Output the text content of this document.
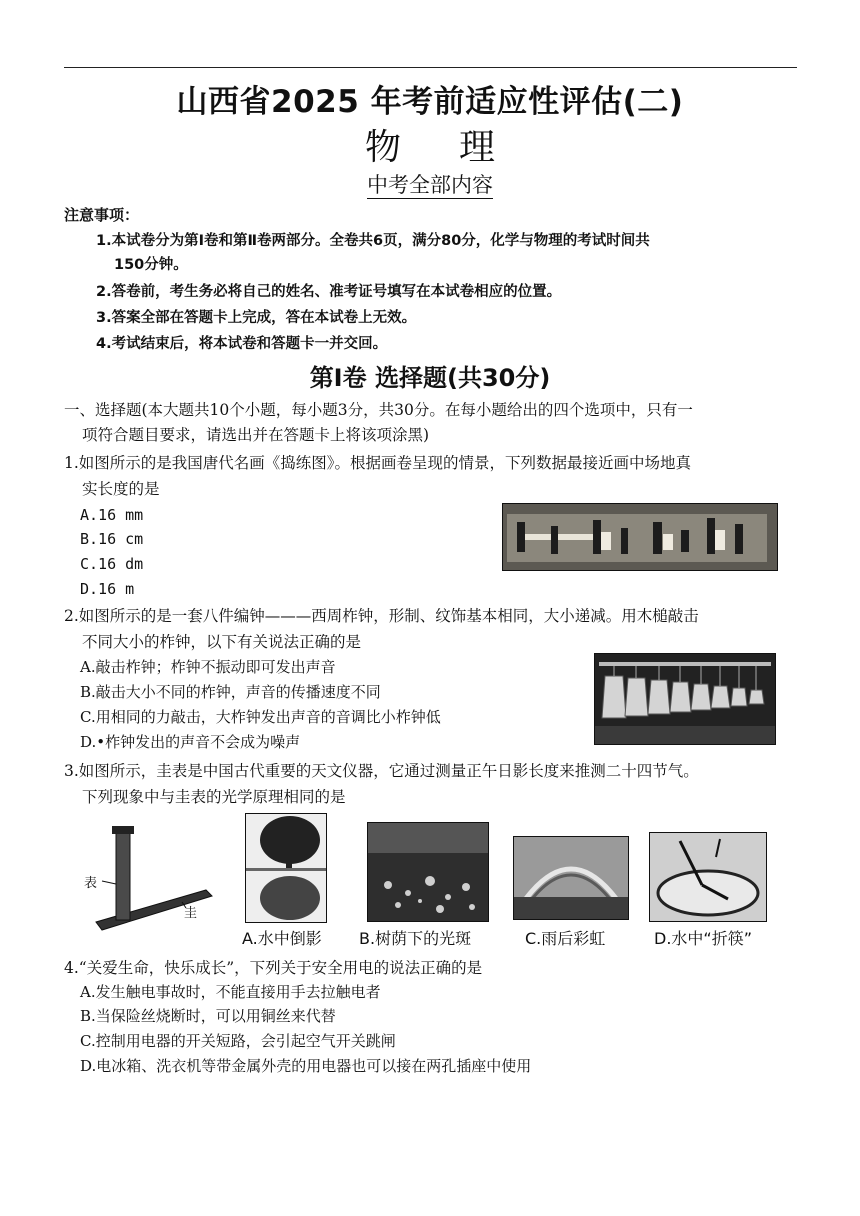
山西省2025 年考前适应性评估(二)
物理
中考全部内容
注意事项：
1.本试卷分为第Ⅰ卷和第Ⅱ卷两部分。全卷共6页，满分80分，化学与物理的考试时间共
150分钟。
2.答卷前，考生务必将自己的姓名、准考证号填写在本试卷相应的位置。
3.答案全部在答题卡上完成，答在本试卷上无效。
4.考试结束后，将本试卷和答题卡一并交回。
第Ⅰ卷 选择题(共30分)
一、选择题(本大题共10个小题，每小题3分，共30分。在每小题给出的四个选项中，只有一
项符合题目要求，请选出并在答题卡上将该项涂黑)
1.如图所示的是我国唐代名画《捣练图》。根据画卷呈现的情景，下列数据最接近画中场地真
实长度的是
A.16 mm
B.16 cm
C.16 dm
D.16 m
2.如图所示的是一套八件编钟———西周柞钟，形制、纹饰基本相同，大小递减。用木槌敲击
不同大小的柞钟，以下有关说法正确的是
A.敲击柞钟；柞钟不振动即可发出声音
B.敲击大小不同的柞钟，声音的传播速度不同
C.用相同的力敲击，大柞钟发出声音的音调比小柞钟低
D.•柞钟发出的声音不会成为噪声
3.如图所示，圭表是中国古代重要的天文仪器，它通过测量正午日影长度来推测二十四节气。
下列现象中与圭表的光学原理相同的是
表
圭
A.水中倒影 B.树荫下的光斑	C.雨后彩虹	D.水中“折筷”
4.“关爱生命，快乐成长”，下列关于安全用电的说法正确的是
A.发生触电事故时，不能直接用手去拉触电者
B.当保险丝烧断时，可以用铜丝来代替
C.控制用电器的开关短路，会引起空气开关跳闸
D.电冰箱、洗衣机等带金属外壳的用电器也可以接在两孔插座中使用
